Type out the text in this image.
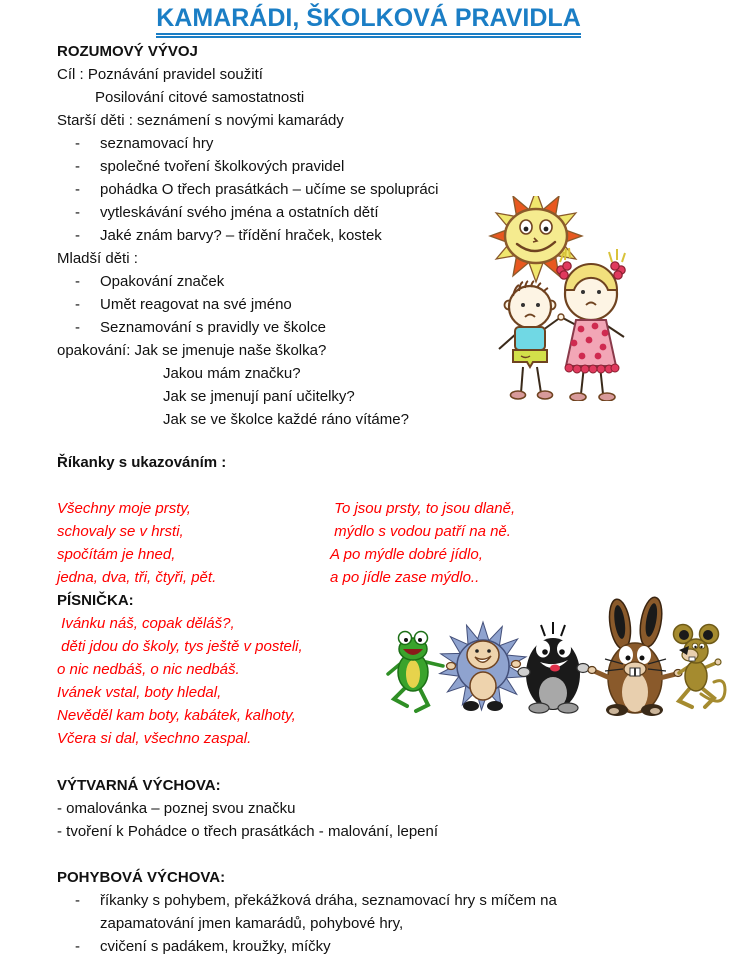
KAMARÁDI, ŠKOLKOVÁ PRAVIDLA
ROZUMOVÝ VÝVOJ
Cíl : Poznávání pravidel soužití
Posilování citové samostatnosti
Starší děti : seznámení s novými kamarády
-	seznamovací hry
-	společné tvoření školkových pravidel
-	pohádka O třech prasátkách – učíme se spolupráci
-	vytleskávání svého jména a ostatních dětí
-	Jaké znám barvy? – třídění hraček, kostek
Mladší děti :
-	Opakování značek
-	Umět reagovat na své jméno
-	Seznamování s pravidly ve školce
opakování: Jak se jmenuje naše školka?
Jakou mám značku?
Jak se jmenují paní učitelky?
Jak se ve školce každé ráno vítáme?
Říkanky s ukazováním :
Všechny moje prsty,
schovaly se v hrsti,
spočítám je hned,
jedna, dva, tři, čtyři, pět.
To jsou prsty, to jsou dlaně,
mýdlo s vodou patří na ně.
A po mýdle dobré jídlo,
a po jídle zase mýdlo..
PÍSNIČKA:
Ivánku náš, copak děláš?,
děti jdou do školy, tys ještě v posteli,
o nic nedbáš, o nic nedbáš.
Ivánek vstal, boty hledal,
Nevěděl kam boty, kabátek, kalhoty,
Včera si dal, všechno zaspal.
VÝTVARNÁ VÝCHOVA:
- omalovánka – poznej svou značku
- tvoření k Pohádce o třech prasátkách - malování, lepení
POHYBOVÁ VÝCHOVA:
-	říkanky s pohybem, překážková dráha, seznamovací hry s míčem na
zapamatování jmen kamarádů, pohybové hry,
-	cvičení s padákem, kroužky, míčky
